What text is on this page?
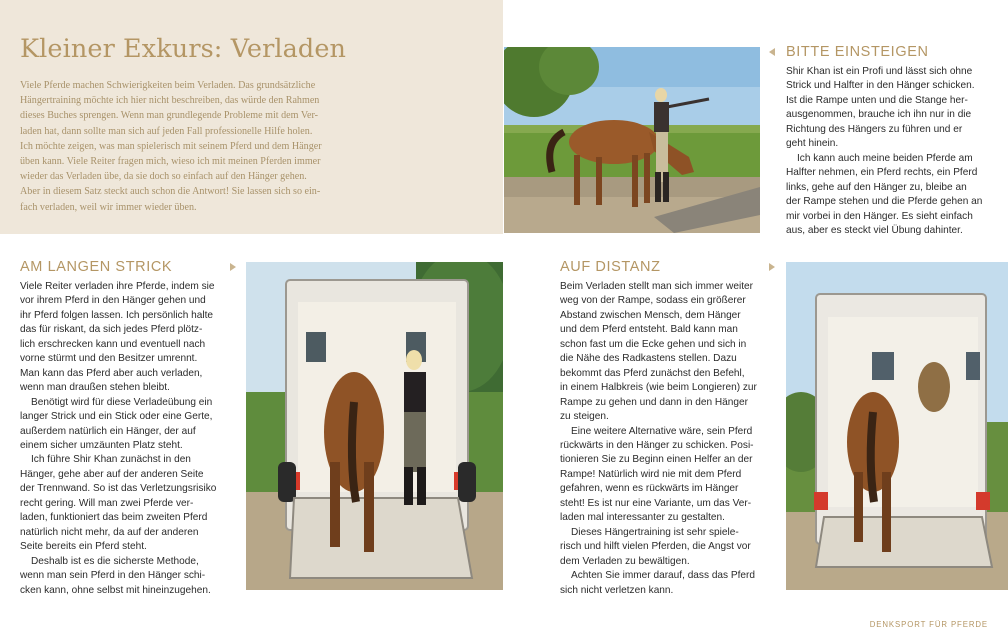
Kleiner Exkurs: Verladen
Viele Pferde machen Schwierigkeiten beim Verladen. Das grundsätzliche
Hängertraining möchte ich hier nicht beschreiben, das würde den Rahmen
dieses Buches sprengen. Wenn man grundlegende Probleme mit dem Ver-
laden hat, dann sollte man sich auf jeden Fall professionelle Hilfe holen.
Ich möchte zeigen, was man spielerisch mit seinem Pferd und dem Hänger
üben kann. Viele Reiter fragen mich, wieso ich mit meinen Pferden immer
wieder das Verladen übe, da sie doch so einfach auf den Hänger gehen.
Aber in diesem Satz steckt auch schon die Antwort! Sie lassen sich so ein-
fach verladen, weil wir immer wieder üben.
BITTE EINSTEIGEN
Shir Khan ist ein Profi und lässt sich ohne
Strick und Halfter in den Hänger schicken.
Ist die Rampe unten und die Stange her-
ausgenommen, brauche ich ihn nur in die
Richtung des Hängers zu führen und er
geht hinein.
Ich kann auch meine beiden Pferde am
Halfter nehmen, ein Pferd rechts, ein Pferd
links, gehe auf den Hänger zu, bleibe an
der Rampe stehen und die Pferde gehen an
mir vorbei in den Hänger. Es sieht einfach
aus, aber es steckt viel Übung dahinter.
AM LANGEN STRICK
Viele Reiter verladen ihre Pferde, indem sie
vor ihrem Pferd in den Hänger gehen und
ihr Pferd folgen lassen. Ich persönlich halte
das für riskant, da sich jedes Pferd plötz-
lich erschrecken kann und eventuell nach
vorne stürmt und den Besitzer umrennt.
Man kann das Pferd aber auch verladen,
wenn man draußen stehen bleibt.
Benötigt wird für diese Verladeübung ein
langer Strick und ein Stick oder eine Gerte,
außerdem natürlich ein Hänger, der auf
einem sicher umzäunten Platz steht.
Ich führe Shir Khan zunächst in den
Hänger, gehe aber auf der anderen Seite
der Trennwand. So ist das Verletzungsrisiko
recht gering. Will man zwei Pferde ver-
laden, funktioniert das beim zweiten Pferd
natürlich nicht mehr, da auf der anderen
Seite bereits ein Pferd steht.
Deshalb ist es die sicherste Methode,
wenn man sein Pferd in den Hänger schi-
cken kann, ohne selbst mit hineinzugehen.
AUF DISTANZ
Beim Verladen stellt man sich immer weiter
weg von der Rampe, sodass ein größerer
Abstand zwischen Mensch, dem Hänger
und dem Pferd entsteht. Bald kann man
schon fast um die Ecke gehen und sich in
die Nähe des Radkastens stellen. Dazu
bekommt das Pferd zunächst den Befehl,
in einem Halbkreis (wie beim Longieren) zur
Rampe zu gehen und dann in den Hänger
zu steigen.
Eine weitere Alternative wäre, sein Pferd
rückwärts in den Hänger zu schicken. Posi-
tionieren Sie zu Beginn einen Helfer an der
Rampe! Natürlich wird nie mit dem Pferd
gefahren, wenn es rückwärts im Hänger
steht! Es ist nur eine Variante, um das Ver-
laden mal interessanter zu gestalten.
Dieses Hängertraining ist sehr spiele-
risch und hilft vielen Pferden, die Angst vor
dem Verladen zu bewältigen.
Achten Sie immer darauf, dass das Pferd
sich nicht verletzen kann.
DENKSPORT FÜR PFERDE
